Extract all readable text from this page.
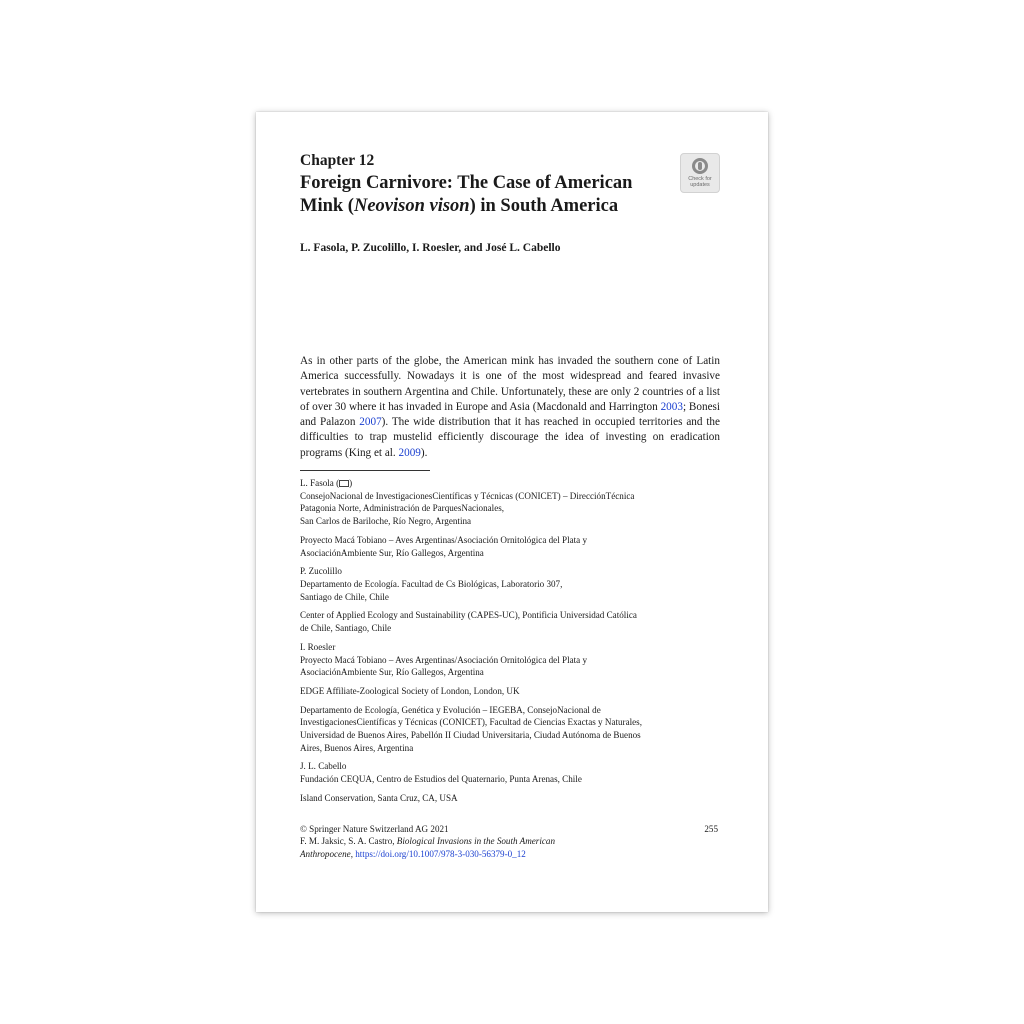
Check for updates
Chapter 12
Foreign Carnivore: The Case of American Mink (Neovison vison) in South America
L. Fasola, P. Zucolillo, I. Roesler, and José L. Cabello
As in other parts of the globe, the American mink has invaded the southern cone of Latin America successfully. Nowadays it is one of the most widespread and feared invasive vertebrates in southern Argentina and Chile. Unfortunately, these are only 2 countries of a list of over 30 where it has invaded in Europe and Asia (Macdonald and Harrington 2003; Bonesi and Palazon 2007). The wide distribution that it has reached in occupied territories and the difficulties to trap mustelid efficiently discourage the idea of investing on eradication programs (King et al. 2009).
L. Fasola ( )
ConsejoNacional de InvestigacionesCientíficas y Técnicas (CONICET) – DirecciónTécnica
Patagonia Norte, Administración de ParquesNacionales,
San Carlos de Bariloche, Río Negro, Argentina
Proyecto Macá Tobiano – Aves Argentinas/Asociación Ornitológica del Plata y
AsociaciónAmbiente Sur, Río Gallegos, Argentina
P. Zucolillo
Departamento de Ecología. Facultad de Cs Biológicas, Laboratorio 307,
Santiago de Chile, Chile
Center of Applied Ecology and Sustainability (CAPES-UC), Pontificia Universidad Católica
de Chile, Santiago, Chile
I. Roesler
Proyecto Macá Tobiano – Aves Argentinas/Asociación Ornitológica del Plata y
AsociaciónAmbiente Sur, Río Gallegos, Argentina
EDGE Affiliate-Zoological Society of London, London, UK
Departamento de Ecología, Genética y Evolución – IEGEBA, ConsejoNacional de
InvestigacionesCientíficas y Técnicas (CONICET), Facultad de Ciencias Exactas y Naturales,
Universidad de Buenos Aires, Pabellón II Ciudad Universitaria, Ciudad Autónoma de Buenos
Aires, Buenos Aires, Argentina
J. L. Cabello
Fundación CEQUA, Centro de Estudios del Quaternario, Punta Arenas, Chile
Island Conservation, Santa Cruz, CA, USA
255
© Springer Nature Switzerland AG 2021
F. M. Jaksic, S. A. Castro, Biological Invasions in the South American
Anthropocene, https://doi.org/10.1007/978-3-030-56379-0_12
